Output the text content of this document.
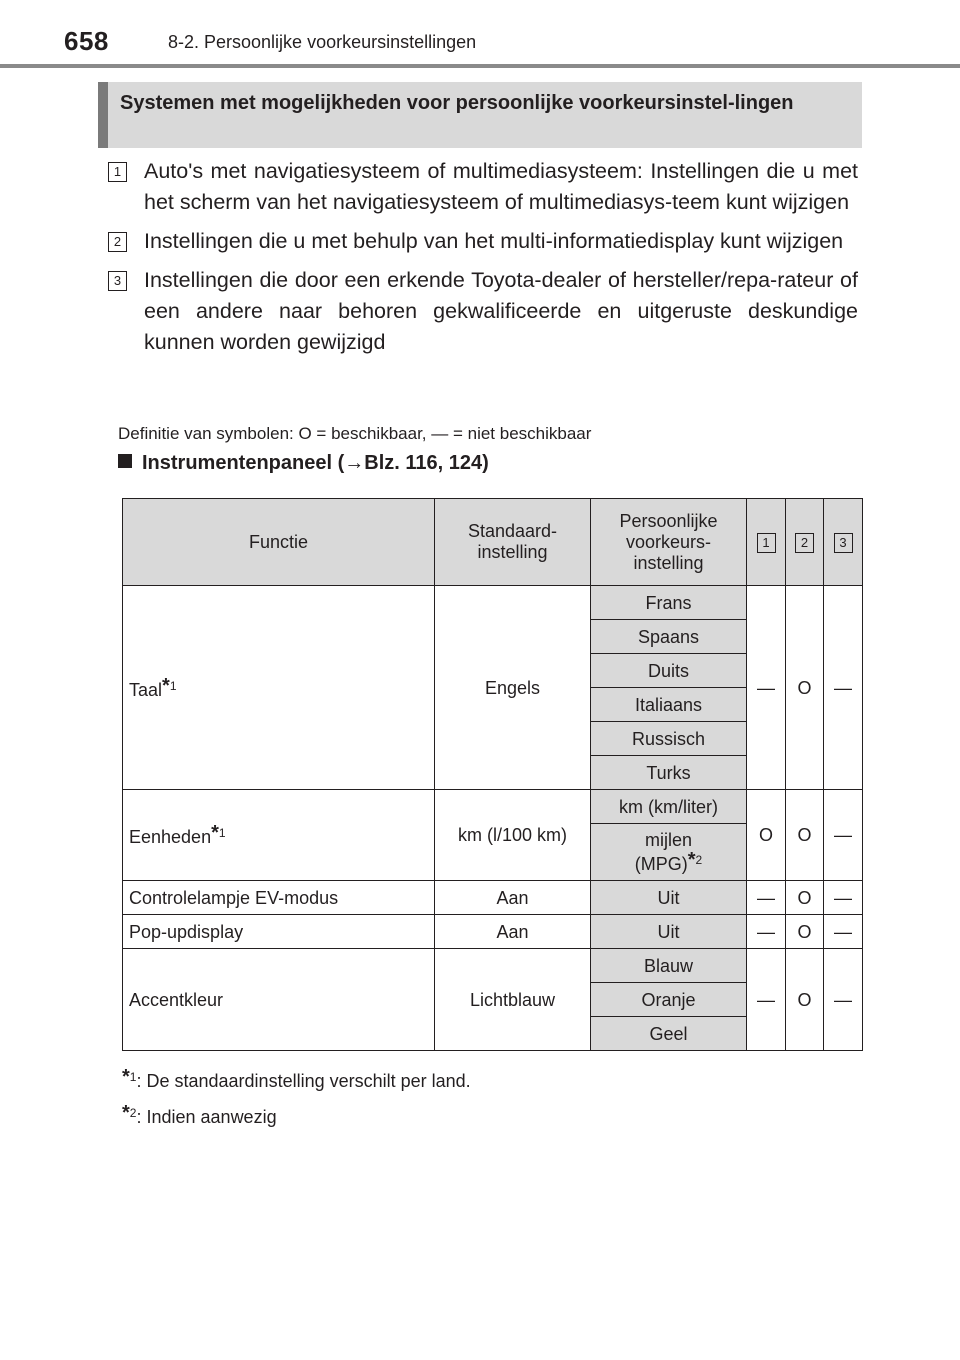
658	8-2. Persoonlijke voorkeursinstellingen
Systemen met mogelijkheden voor persoonlijke voorkeursinstel-lingen
1 Auto's met navigatiesysteem of multimediasysteem: Instellingen die u met het scherm van het navigatiesysteem of multimediasys-teem kunt wijzigen
2 Instellingen die u met behulp van het multi-informatiedisplay kunt wijzigen
3 Instellingen die door een erkende Toyota-dealer of hersteller/repa-rateur of een andere naar behoren gekwalificeerde en uitgeruste deskundige kunnen worden gewijzigd
Definitie van symbolen: O = beschikbaar, — = niet beschikbaar
Instrumentenpaneel (→Blz. 116, 124)
Functie	Standaard-instelling	Persoonlijke voorkeurs-instelling	1	2	3
Taal*$^1$	Engels	Frans	—	O	—
		Spaans			
		Duits			
		Italiaans			
		Russisch			
		Turks			
Eenheden*$^1$	km (l/100 km)	km (km/liter)	O	O	—
		mijlen
(MPG)*$^2$
Controlelampje EV-modus	Aan	Uit	—	O	—
Pop-updisplay	Aan	Uit	—	O	—
Accentkleur	Lichtblauw	Blauw	—	O	—
		Oranje			
		Geel			
*$^1$: De standaardinstelling verschilt per land.
*$^2$: Indien aanwezig
